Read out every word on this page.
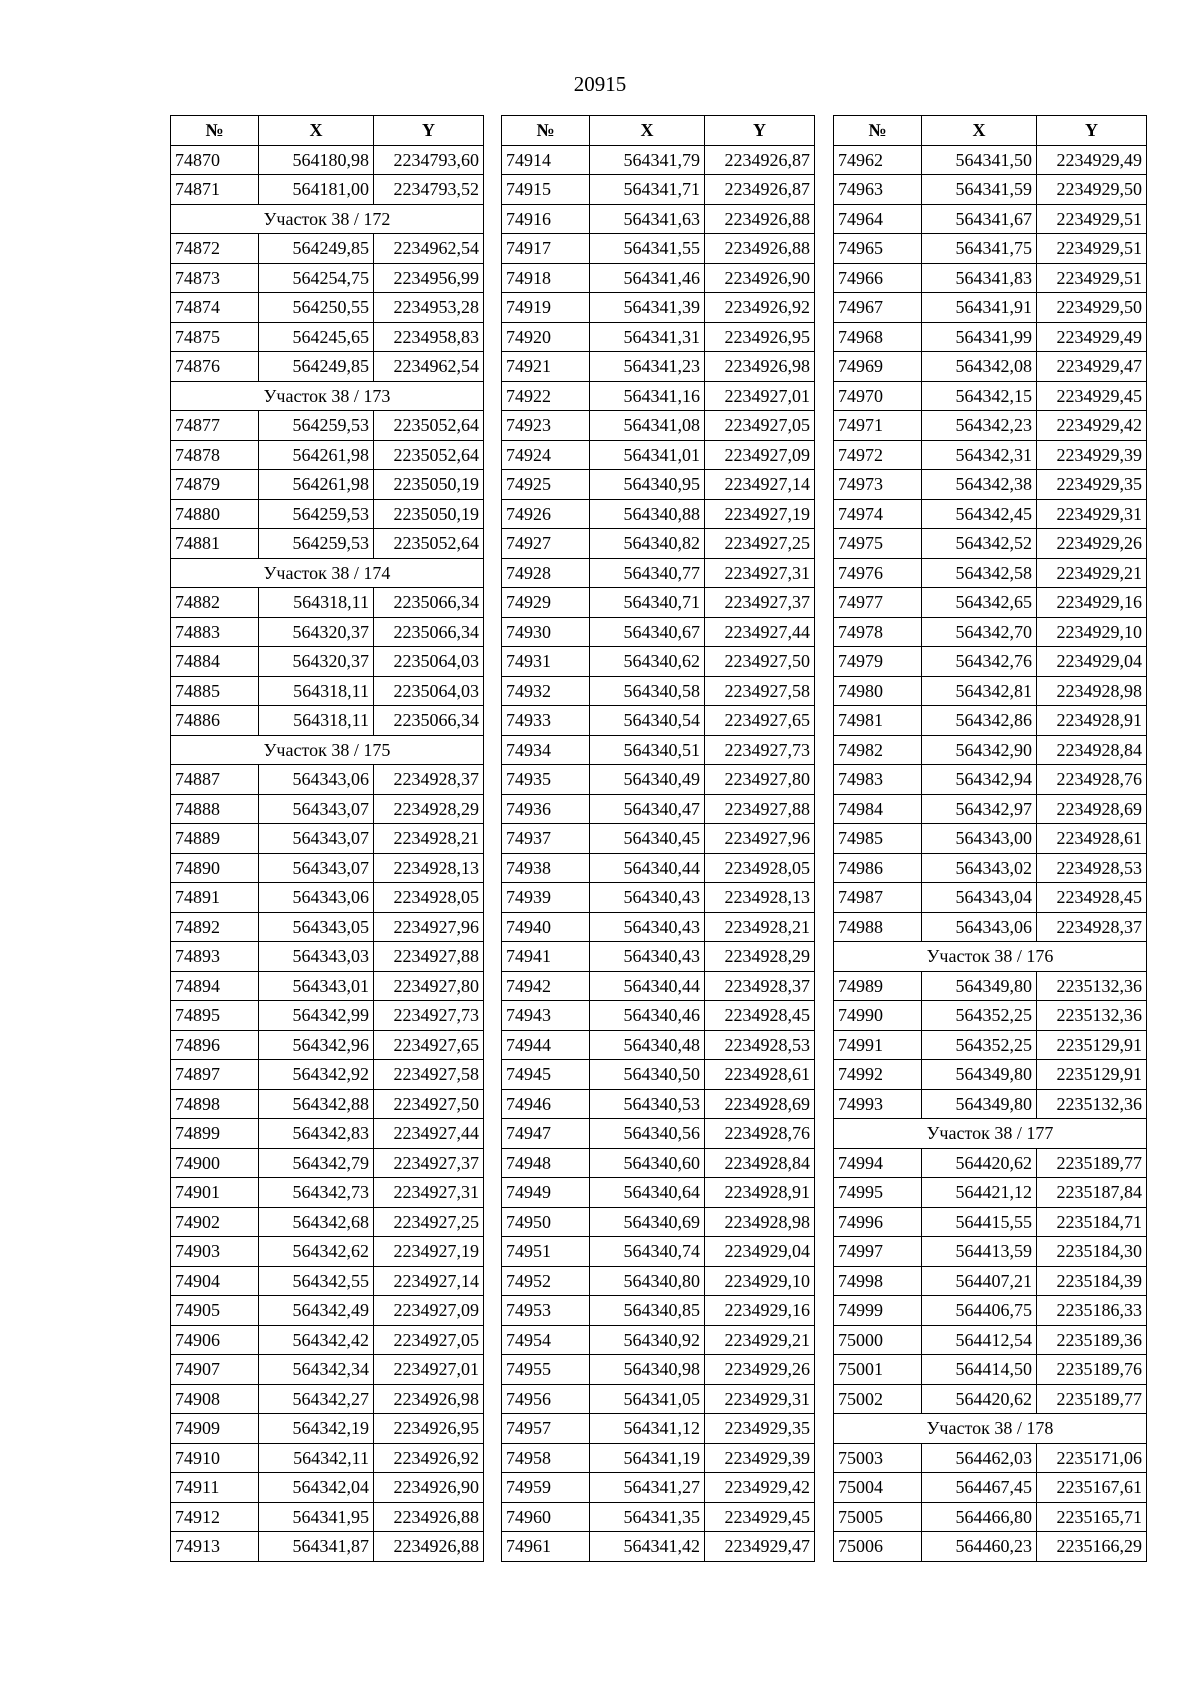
20915
№	X	Y
74870	564180,98	2234793,60
74871	564181,00	2234793,52
Участок 38 / 172		
74872	564249,85	2234962,54
74873	564254,75	2234956,99
74874	564250,55	2234953,28
74875	564245,65	2234958,83
74876	564249,85	2234962,54
Участок 38 / 173		
74877	564259,53	2235052,64
74878	564261,98	2235052,64
74879	564261,98	2235050,19
74880	564259,53	2235050,19
74881	564259,53	2235052,64
Участок 38 / 174		
74882	564318,11	2235066,34
74883	564320,37	2235066,34
74884	564320,37	2235064,03
74885	564318,11	2235064,03
74886	564318,11	2235066,34
Участок 38 / 175		
74887	564343,06	2234928,37
74888	564343,07	2234928,29
74889	564343,07	2234928,21
74890	564343,07	2234928,13
74891	564343,06	2234928,05
74892	564343,05	2234927,96
74893	564343,03	2234927,88
74894	564343,01	2234927,80
74895	564342,99	2234927,73
74896	564342,96	2234927,65
74897	564342,92	2234927,58
74898	564342,88	2234927,50
74899	564342,83	2234927,44
74900	564342,79	2234927,37
74901	564342,73	2234927,31
74902	564342,68	2234927,25
74903	564342,62	2234927,19
74904	564342,55	2234927,14
74905	564342,49	2234927,09
74906	564342,42	2234927,05
74907	564342,34	2234927,01
74908	564342,27	2234926,98
74909	564342,19	2234926,95
74910	564342,11	2234926,92
74911	564342,04	2234926,90
74912	564341,95	2234926,88
74913	564341,87	2234926,88
№	X	Y
74914	564341,79	2234926,87
74915	564341,71	2234926,87
74916	564341,63	2234926,88
74917	564341,55	2234926,88
74918	564341,46	2234926,90
74919	564341,39	2234926,92
74920	564341,31	2234926,95
74921	564341,23	2234926,98
74922	564341,16	2234927,01
74923	564341,08	2234927,05
74924	564341,01	2234927,09
74925	564340,95	2234927,14
74926	564340,88	2234927,19
74927	564340,82	2234927,25
74928	564340,77	2234927,31
74929	564340,71	2234927,37
74930	564340,67	2234927,44
74931	564340,62	2234927,50
74932	564340,58	2234927,58
74933	564340,54	2234927,65
74934	564340,51	2234927,73
74935	564340,49	2234927,80
74936	564340,47	2234927,88
74937	564340,45	2234927,96
74938	564340,44	2234928,05
74939	564340,43	2234928,13
74940	564340,43	2234928,21
74941	564340,43	2234928,29
74942	564340,44	2234928,37
74943	564340,46	2234928,45
74944	564340,48	2234928,53
74945	564340,50	2234928,61
74946	564340,53	2234928,69
74947	564340,56	2234928,76
74948	564340,60	2234928,84
74949	564340,64	2234928,91
74950	564340,69	2234928,98
74951	564340,74	2234929,04
74952	564340,80	2234929,10
74953	564340,85	2234929,16
74954	564340,92	2234929,21
74955	564340,98	2234929,26
74956	564341,05	2234929,31
74957	564341,12	2234929,35
74958	564341,19	2234929,39
74959	564341,27	2234929,42
74960	564341,35	2234929,45
74961	564341,42	2234929,47
№	X	Y
74962	564341,50	2234929,49
74963	564341,59	2234929,50
74964	564341,67	2234929,51
74965	564341,75	2234929,51
74966	564341,83	2234929,51
74967	564341,91	2234929,50
74968	564341,99	2234929,49
74969	564342,08	2234929,47
74970	564342,15	2234929,45
74971	564342,23	2234929,42
74972	564342,31	2234929,39
74973	564342,38	2234929,35
74974	564342,45	2234929,31
74975	564342,52	2234929,26
74976	564342,58	2234929,21
74977	564342,65	2234929,16
74978	564342,70	2234929,10
74979	564342,76	2234929,04
74980	564342,81	2234928,98
74981	564342,86	2234928,91
74982	564342,90	2234928,84
74983	564342,94	2234928,76
74984	564342,97	2234928,69
74985	564343,00	2234928,61
74986	564343,02	2234928,53
74987	564343,04	2234928,45
74988	564343,06	2234928,37
Участок 38 / 176		
74989	564349,80	2235132,36
74990	564352,25	2235132,36
74991	564352,25	2235129,91
74992	564349,80	2235129,91
74993	564349,80	2235132,36
Участок 38 / 177		
74994	564420,62	2235189,77
74995	564421,12	2235187,84
74996	564415,55	2235184,71
74997	564413,59	2235184,30
74998	564407,21	2235184,39
74999	564406,75	2235186,33
75000	564412,54	2235189,36
75001	564414,50	2235189,76
75002	564420,62	2235189,77
Участок 38 / 178		
75003	564462,03	2235171,06
75004	564467,45	2235167,61
75005	564466,80	2235165,71
75006	564460,23	2235166,29
